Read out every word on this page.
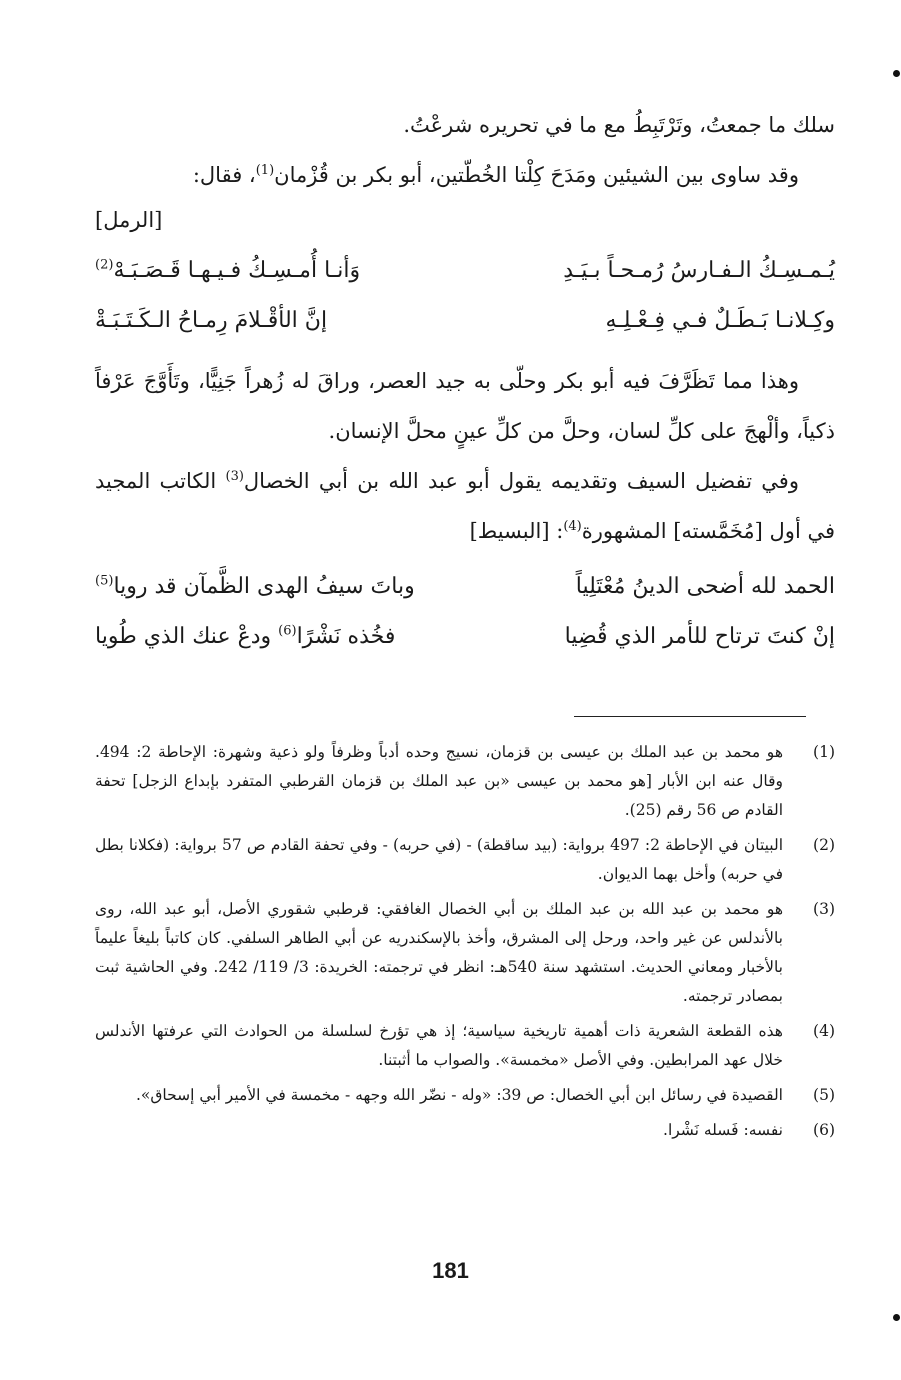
سلك ما جمعتُ، وتَرْتَبِطُ مع ما في تحريره شرعْتُ.

وقد ساوى بين الشيئين ومَدَحَ كِلْتا الخُطّتين، أبو بكر بن قُزْمان$^{(1)}$، فقال:

[الرمل]
يُـمـسِـكُ الـفـارسُ رُمـحـاً بـيَـدِ
وَأنـا أُمـسِـكُ فـيـهـا قَـصَـبَـهْ$^{(2)}$
وكِـلانـا بَـطَـلٌ فـي فِـعْـلِـهِ
إنَّ الأقْـلامَ رِمـاحُ الـكَـتَـبَـةْ

وهذا مما تَظَرَّفَ فيه أبو بكر وحلّى به جيد العصر، وراقَ له زُهراً جَنِيًّا، وتَأَوَّجَ عَرْفاً ذكياً، وألْهجَ على كلِّ لسان، وحلَّ من كلِّ عينٍ محلَّ الإنسان.

وفي تفضيل السيف وتقديمه يقول أبو عبد الله بن أبي الخصال$^{(3)}$ الكاتب المجيد في أول [مُخَمَّسته] المشهورة$^{(4)}$: [البسيط]

الحمد لله أضحى الدينُ مُعْتَلِياً
وباتَ سيفُ الهدى الظَّمآن قد رويا$^{(5)}$
إنْ كنتَ ترتاح للأمر الذي قُضِيا
فخُذه نَشْرًا$^{(6)}$ ودعْ عنك الذي طُويا
(1)
هو محمد بن عبد الملك بن عيسى بن قزمان، نسيج وحده أدباً وظرفاً ولو ذعية وشهرة: الإحاطة 2: 494. وقال عنه ابن الأبار [هو محمد بن عيسى «بن عبد الملك بن قزمان القرطبي المتفرد بإبداع الزجل] تحفة القادم ص 56 رقم (25).
(2)
البيتان في الإحاطة 2: 497 برواية: (بيد ساقطة) - (في حربه) - وفي تحفة القادم ص 57 برواية: (فكلانا بطل في حربه) وأخل بهما الديوان.
(3)
هو محمد بن عبد الله بن عبد الملك بن أبي الخصال الغافقي: قرطبي شقوري الأصل، أبو عبد الله، روى بالأندلس عن غير واحد، ورحل إلى المشرق، وأخذ بالإسكندريه عن أبي الطاهر السلفي. كان كاتباً بليغاً عليماً بالأخبار ومعاني الحديث. استشهد سنة 540هـ: انظر في ترجمته: الخريدة: 3/ 119/ 242. وفي الحاشية ثبت بمصادر ترجمته.
(4)
هذه القطعة الشعرية ذات أهمية تاريخية سياسية؛ إذ هي تؤرخ لسلسلة من الحوادث التي عرفتها الأندلس خلال عهد المرابطين. وفي الأصل «مخمسة». والصواب ما أثبتنا.
(5)
القصيدة في رسائل ابن أبي الخصال: ص 39: «وله - نضّر الله وجهه - مخمسة في الأمير أبي إسحاق».
(6)
نفسه: فَسله نَشْرا.
181
